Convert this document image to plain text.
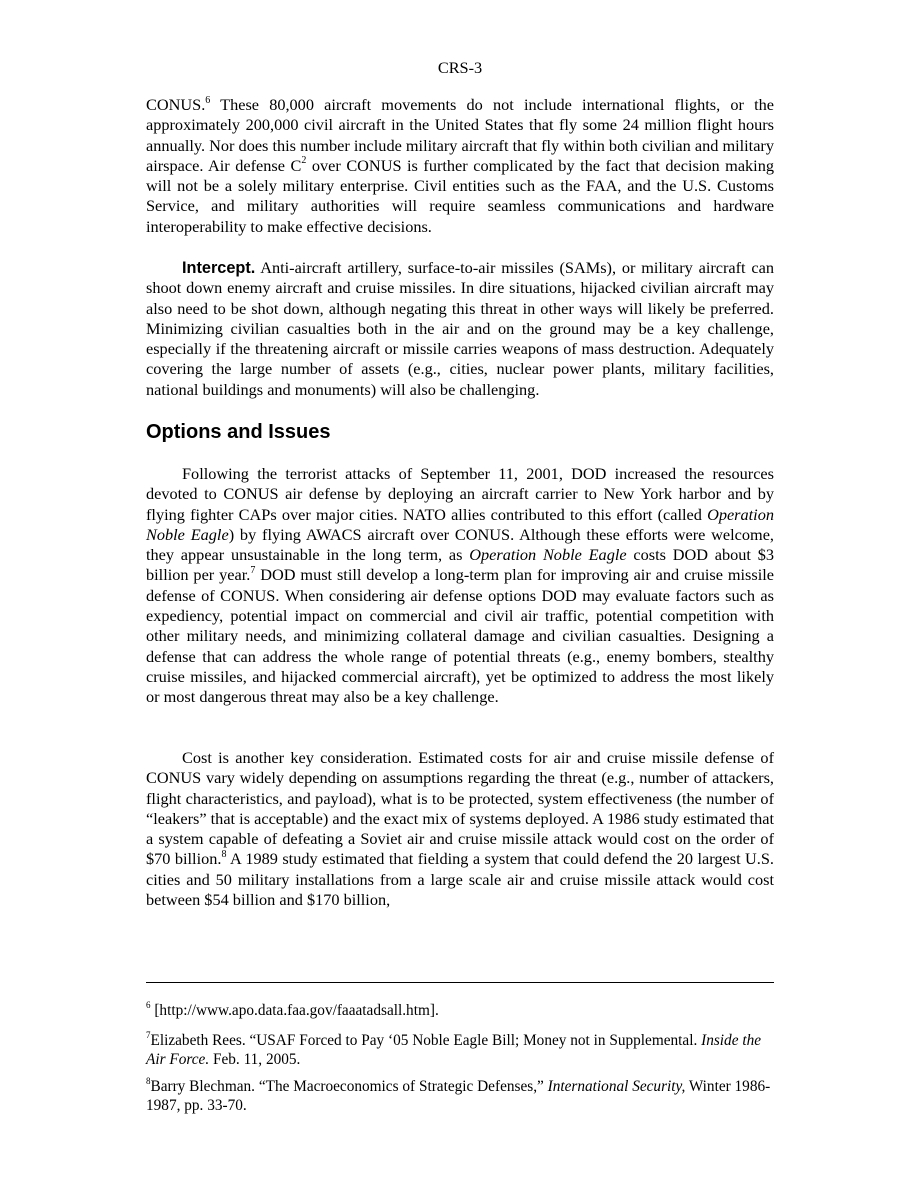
CRS-3

CONUS.$^6$ These 80,000 aircraft movements do not include international flights, or the approximately 200,000 civil aircraft in the United States that fly some 24 million flight hours annually. Nor does this number include military aircraft that fly within both civilian and military airspace. Air defense $C^2$ over CONUS is further complicated by the fact that decision making will not be a solely military enterprise. Civil entities such as the FAA, and the U.S. Customs Service, and military authorities will require seamless communications and hardware interoperability to make effective decisions.

Intercept. Anti-aircraft artillery, surface-to-air missiles (SAMs), or military aircraft can shoot down enemy aircraft and cruise missiles. In dire situations, hijacked civilian aircraft may also need to be shot down, although negating this threat in other ways will likely be preferred. Minimizing civilian casualties both in the air and on the ground may be a key challenge, especially if the threatening aircraft or missile carries weapons of mass destruction. Adequately covering the large number of assets (e.g., cities, nuclear power plants, military facilities, national buildings and monuments) will also be challenging.

Options and Issues

Following the terrorist attacks of September 11, 2001, DOD increased the resources devoted to CONUS air defense by deploying an aircraft carrier to New York harbor and by flying fighter CAPs over major cities. NATO allies contributed to this effort (called Operation Noble Eagle) by flying AWACS aircraft over CONUS. Although these efforts were welcome, they appear unsustainable in the long term, as Operation Noble Eagle costs DOD about $3 billion per year.$^7$ DOD must still develop a long-term plan for improving air and cruise missile defense of CONUS. When considering air defense options DOD may evaluate factors such as expediency, potential impact on commercial and civil air traffic, potential competition with other military needs, and minimizing collateral damage and civilian casualties. Designing a defense that can address the whole range of potential threats (e.g., enemy bombers, stealthy cruise missiles, and hijacked commercial aircraft), yet be optimized to address the most likely or most dangerous threat may also be a key challenge.

Cost is another key consideration. Estimated costs for air and cruise missile defense of CONUS vary widely depending on assumptions regarding the threat (e.g., number of attackers, flight characteristics, and payload), what is to be protected, system effectiveness (the number of “leakers” that is acceptable) and the exact mix of systems deployed. A 1986 study estimated that a system capable of defeating a Soviet air and cruise missile attack would cost on the order of $70 billion.$^8$ A 1989 study estimated that fielding a system that could defend the 20 largest U.S. cities and 50 military installations from a large scale air and cruise missile attack would cost between $54 billion and $170 billion,

$^6$ [http://www.apo.data.faa.gov/faaatadsall.htm].
$^7$Elizabeth Rees. “USAF Forced to Pay ‘05 Noble Eagle Bill; Money not in Supplemental. Inside the Air Force. Feb. 11, 2005.
$^8$Barry Blechman. “The Macroeconomics of Strategic Defenses,” International Security, Winter 1986-1987, pp. 33-70.
